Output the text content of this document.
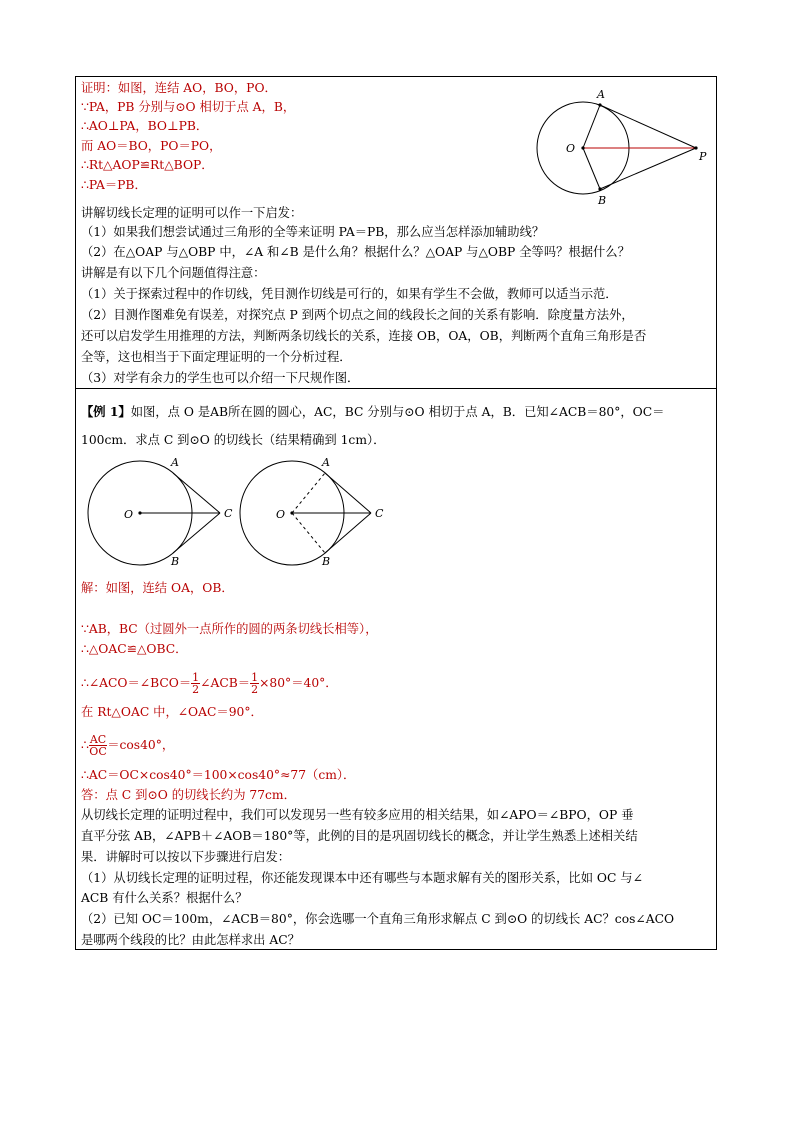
证明：如图，连结 AO，BO，PO．
∵PA，PB 分别与⊙O 相切于点 A，B，
∴AO⊥PA，BO⊥PB．
而 AO＝BO，PO＝PO，
∴Rt△AOP≌Rt△BOP．
∴PA＝PB．
A
B
O
P
讲解切线长定理的证明可以作一下启发：
（1）如果我们想尝试通过三角形的全等来证明 PA＝PB，那么应当怎样添加辅助线？
（2）在△OAP 与△OBP 中，∠A 和∠B 是什么角？根据什么？△OAP 与△OBP 全等吗？根据什么？
讲解是有以下几个问题值得注意：
（1）关于探索过程中的作切线，凭目测作切线是可行的，如果有学生不会做，教师可以适当示范．
（2）目测作图难免有误差，对探究点 P 到两个切点之间的线段长之间的关系有影响．除度量方法外，
还可以启发学生用推理的方法，判断两条切线长的关系，连接 OB，OA，OB，判断两个直角三角形是否
全等，这也相当于下面定理证明的一个分析过程．
（3）对学有余力的学生也可以介绍一下尺规作图．
【例 1】如图，点 O 是AB所在圆的圆心，AC，BC 分别与⊙O 相切于点 A，B．已知∠ACB＝80°，OC＝
100cm．求点 C 到⊙O 的切线长（结果精确到 1cm）．
A
B
O	C
A
B
O	C
解：如图，连结 OA，OB．
∵AB，BC（过圆外一点所作的圆的两条切线长相等），
∴△OAC≌△OBC．
∴∠ACO＝∠BCO＝ $\frac{1}{2}$ ∠ACB＝ $\frac{1}{2} \times 80^\circ=40^\circ$．
在 Rt△OAC 中，∠OAC＝90°．
∴ $\frac{AC}{OC} =\cos 40^\circ$，
∴AC＝OC×cos40°＝100×cos40°≈77（cm）．
答：点 C 到⊙O 的切线长约为 77cm．
从切线长定理的证明过程中，我们可以发现另一些有较多应用的相关结果，如∠APO＝∠BPO，OP 垂
直平分弦 AB，∠APB＋∠AOB＝180°等，此例的目的是巩固切线长的概念，并让学生熟悉上述相关结
果．讲解时可以按以下步骤进行启发：
（1）从切线长定理的证明过程，你还能发现课本中还有哪些与本题求解有关的图形关系，比如 OC 与∠
ACB 有什么关系？根据什么？
（2）已知 OC＝100m，∠ACB＝80°，你会选哪一个直角三角形求解点 C 到⊙O 的切线长 AC？cos∠ACO
是哪两个线段的比？由此怎样求出 AC？
